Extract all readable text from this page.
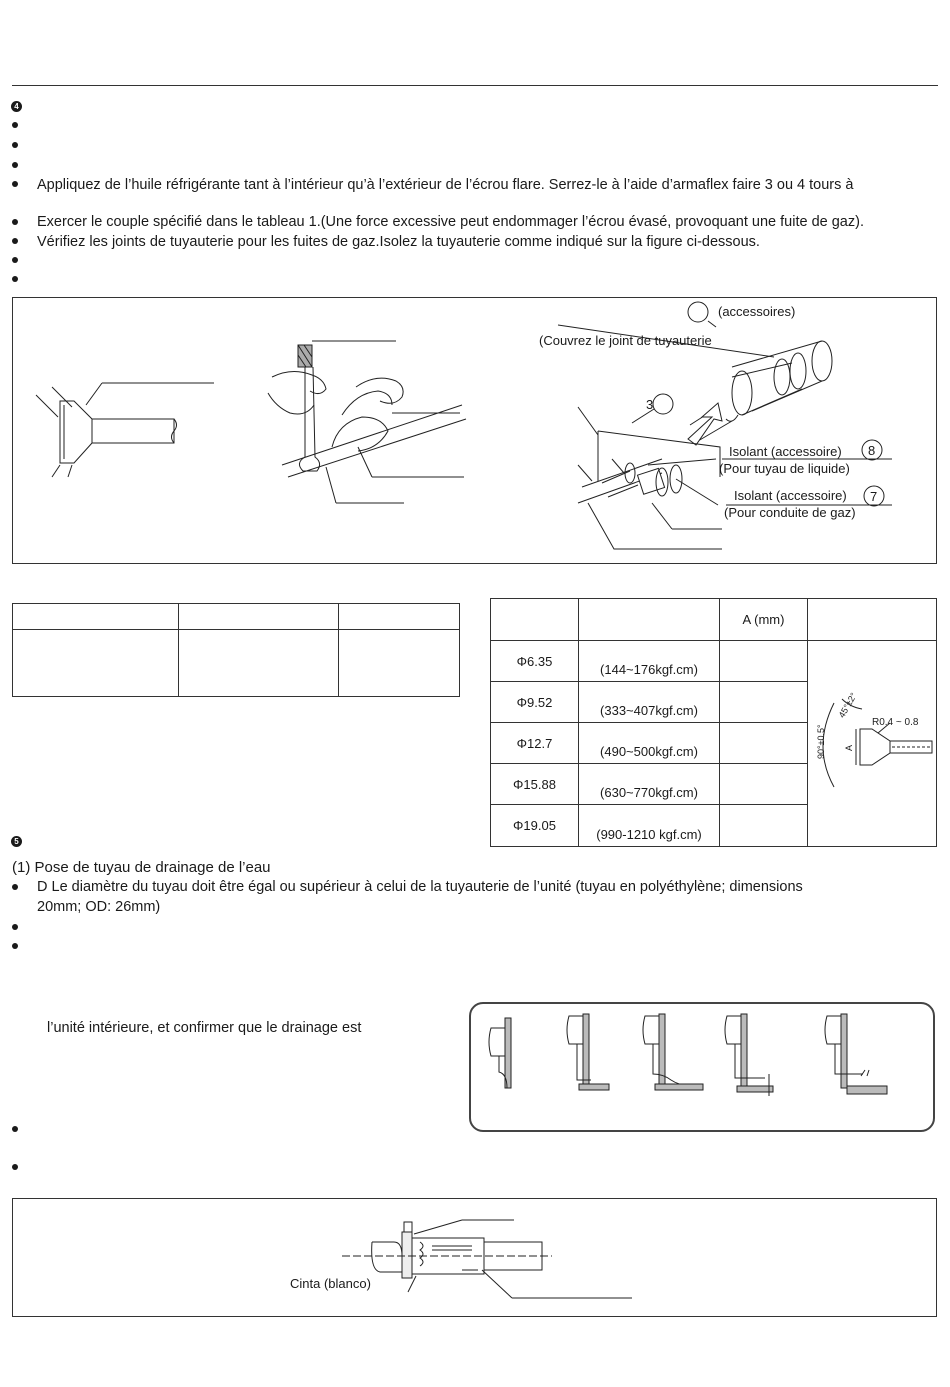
4
Appliquez de l’huile réfrigérante tant à l’intérieur qu’à l’extérieur de l’écrou flare. Serrez-le à l’aide d’armaflex faire 3 ou 4 tours à
Exercer le couple spécifié dans le tableau 1.(Une force excessive peut endommager l’écrou évasé, provoquant une fuite de gaz).
Vérifiez les joints de tuyauterie pour les fuites de gaz.Isolez la tuyauterie comme indiqué sur la figure ci-dessous.
(accessoires)
(Couvrez le joint de tuyauterie
3
Isolant (accessoire) 8
(Pour tuyau de liquide)
Isolant (accessoire) 7
(Pour conduite de gaz)

		A (mm)	
Φ6.35	(144~176kgf.cm)		90°±0.5°
45°±2°
R0.4 ~ 0.8
A

Φ9.52	(333~407kgf.cm)		
Φ12.7	(490~500kgf.cm)		
Φ15.88	(630~770kgf.cm)		
Φ19.05	(990-1210 kgf.cm)		
5
(1) Pose de tuyau de drainage de l’eau
D Le diamètre du tuyau doit être égal ou supérieur à celui de la tuyauterie de l’unité (tuyau en polyéthylène; dimensions
20mm; OD: 26mm)
l’unité intérieure, et confirmer que le drainage est
Cinta (blanco)
